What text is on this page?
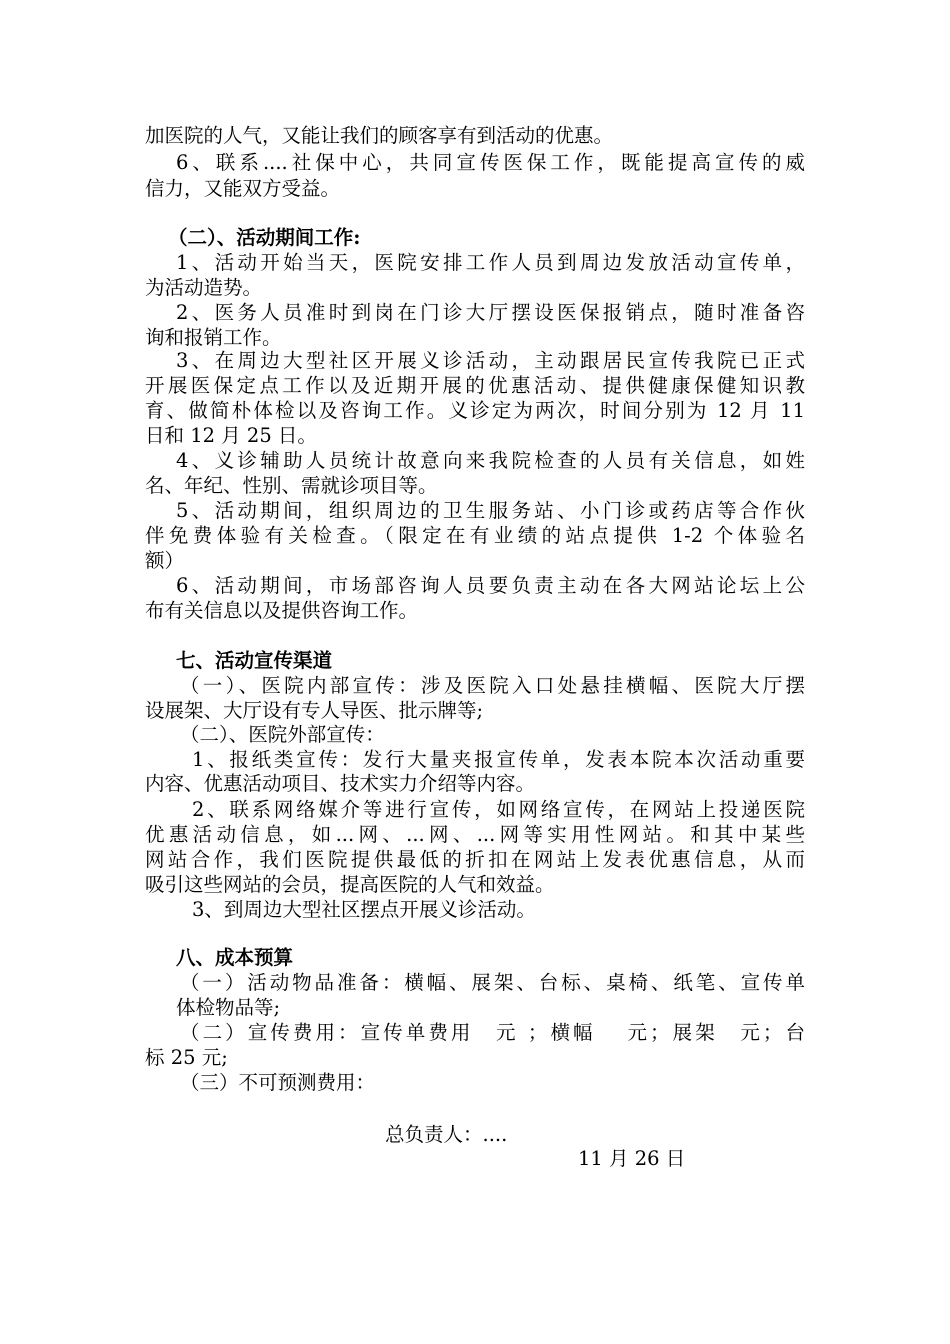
加医院的人气，又能让我们的顾客享有到活动的优惠。
6、联系....社保中心，共同宣传医保工作，既能提高宣传的威
信力，又能双方受益。
（二）、活动期间工作:
1、活动开始当天，医院安排工作人员到周边发放活动宣传单，
为活动造势。
2、医务人员准时到岗在门诊大厅摆设医保报销点，随时准备咨
询和报销工作。
3、在周边大型社区开展义诊活动，主动跟居民宣传我院已正式
开展医保定点工作以及近期开展的优惠活动、提供健康保健知识教
育、做简朴体检以及咨询工作。义诊定为两次，时间分别为 12 月 11
日和 12 月 25 日。
4、义诊辅助人员统计故意向来我院检查的人员有关信息，如姓
名、年纪、性别、需就诊项目等。
5、活动期间，组织周边的卫生服务站、小门诊或药店等合作伙
伴免费体验有关检查。（限定在有业绩的站点提供 1-2 个体验名
额）
6、活动期间，市场部咨询人员要负责主动在各大网站论坛上公
布有关信息以及提供咨询工作。
七、活动宣传渠道
（一）、医院内部宣传：涉及医院入口处悬挂横幅、医院大厅摆
设展架、大厅设有专人导医、批示牌等;
（二）、医院外部宣传：
1、报纸类宣传：发行大量夹报宣传单，发表本院本次活动重要
内容、优惠活动项目、技术实力介绍等内容。
2、联系网络媒介等进行宣传，如网络宣传，在网站上投递医院
优惠活动信息，如...网、...网、...网等实用性网站。和其中某些
网站合作，我们医院提供最低的折扣在网站上发表优惠信息，从而
吸引这些网站的会员，提高医院的人气和效益。
3、到周边大型社区摆点开展义诊活动。
八、成本预算
（一）活动物品准备：横幅、展架、台标、桌椅、纸笔、宣传单
体检物品等;
（二）宣传费用：宣传单费用　元 ；横幅　 元；展架　元；台
标 25 元;
（三）不可预测费用：
总负责人：....
11 月 26 日
